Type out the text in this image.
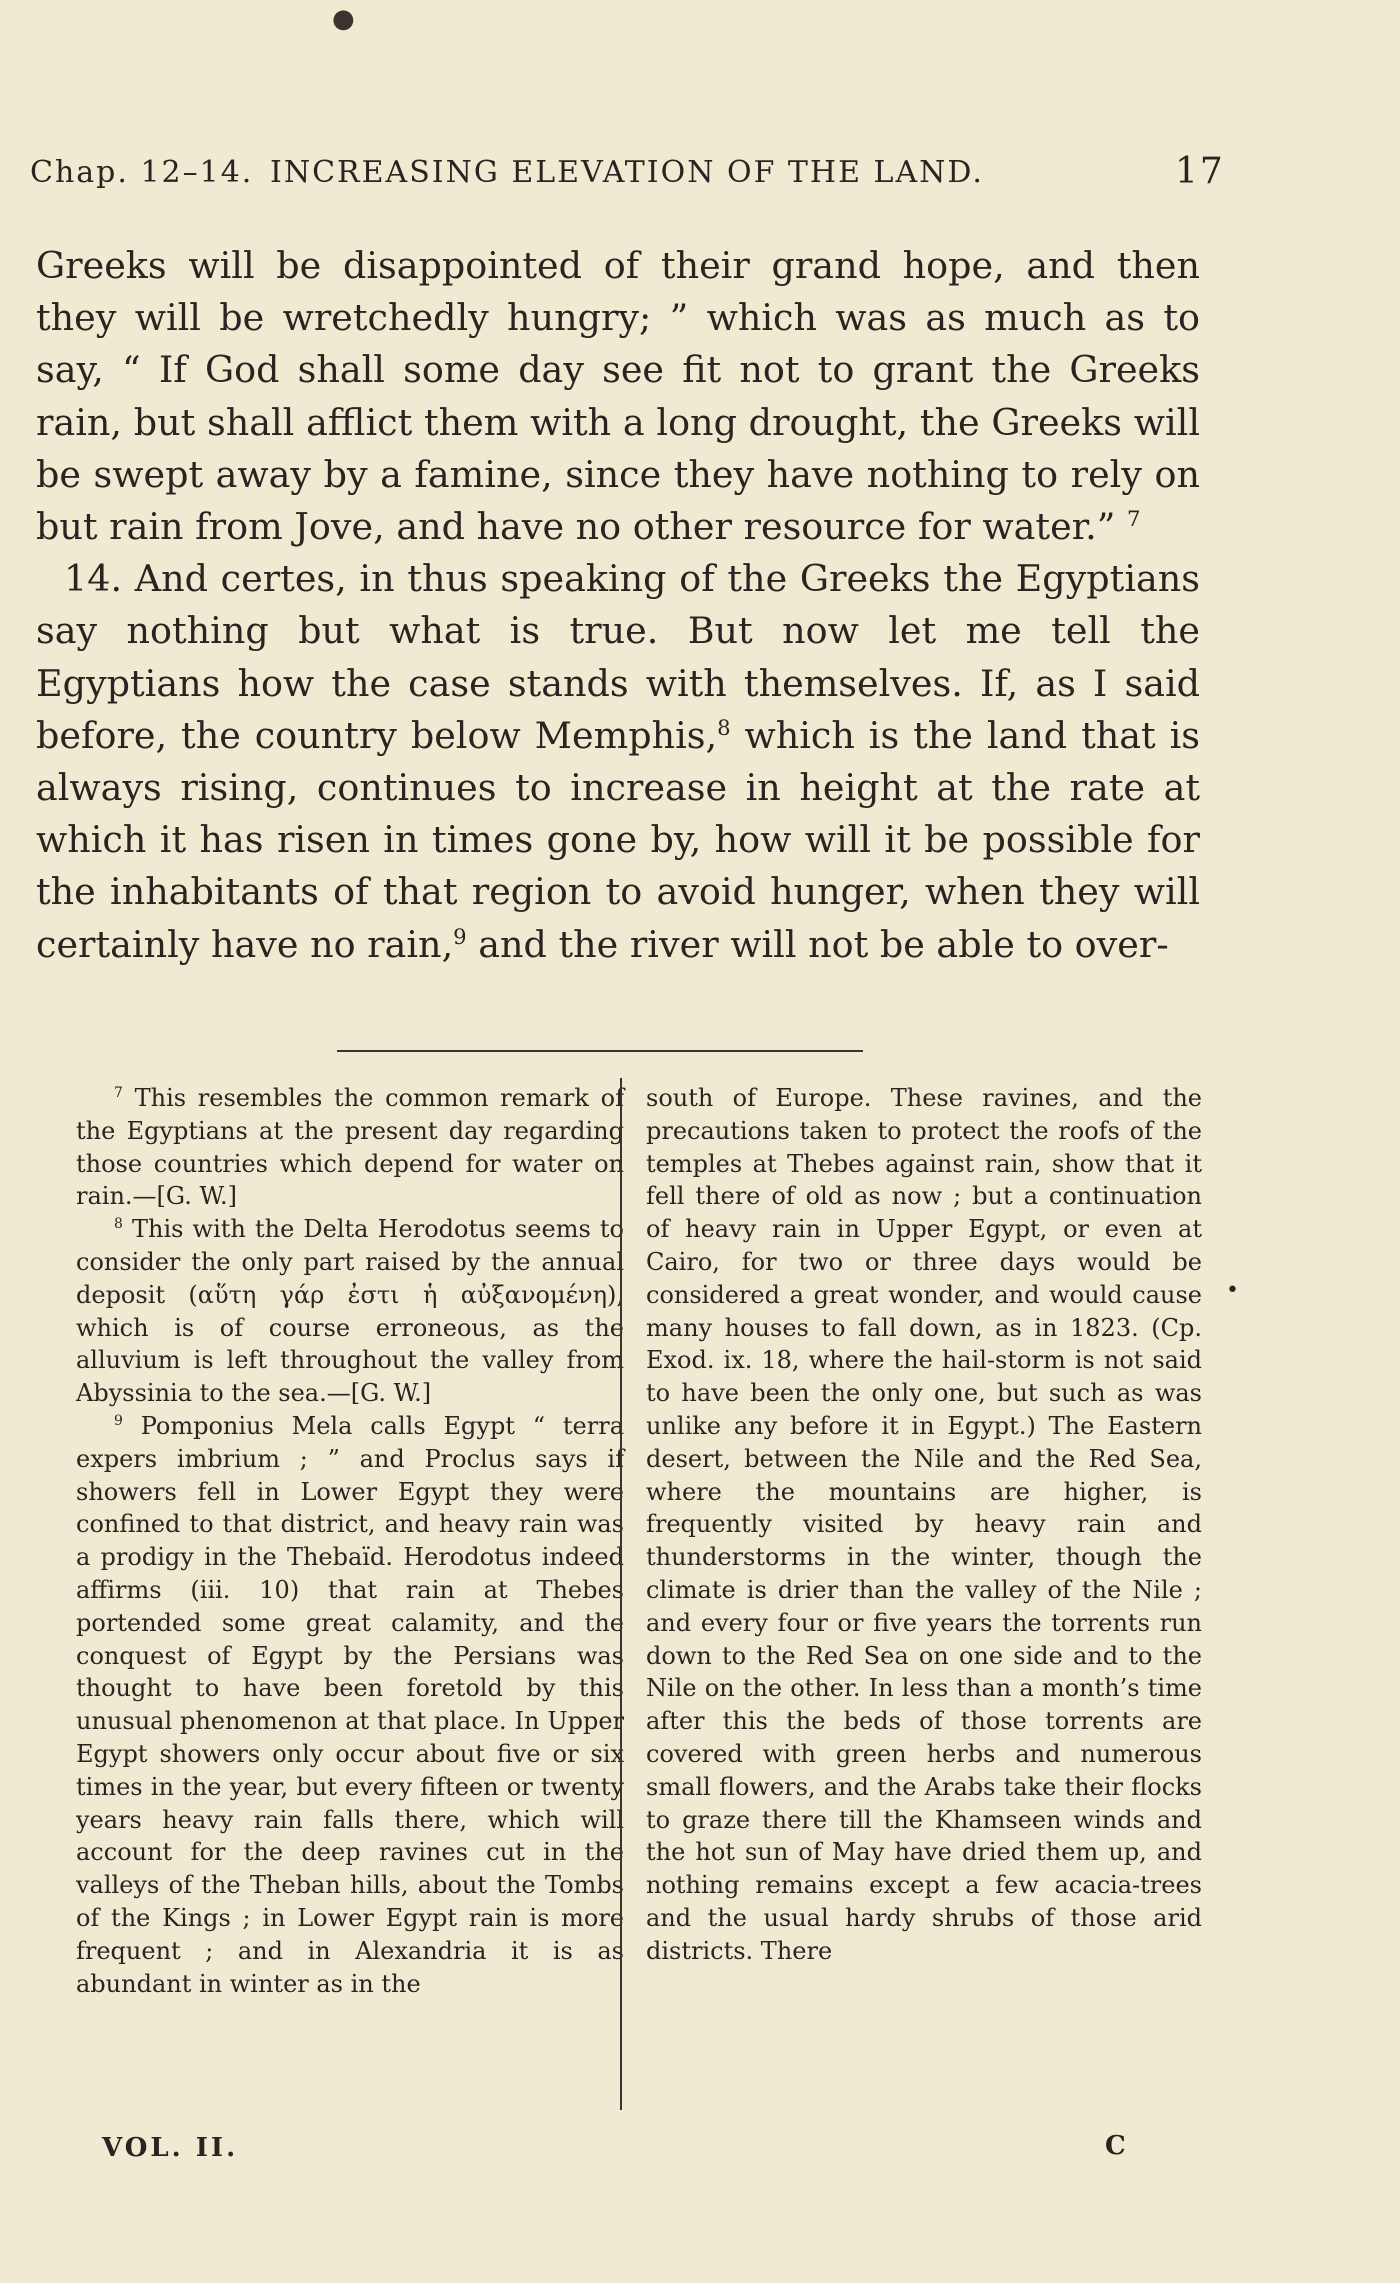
●
Chap. 12–14. INCREASING ELEVATION OF THE LAND.	17

Greeks will be disappointed of their grand hope, and then they will be wretchedly hungry; ” which was as much as to say, “ If God shall some day see fit not to grant the Greeks rain, but shall afflict them with a long drought, the Greeks will be swept away by a famine, since they have nothing to rely on but rain from Jove, and have no other resource for water.” $^7$

14. And certes, in thus speaking of the Greeks the Egyptians say nothing but what is true. But now let me tell the Egyptians how the case stands with themselves. If, as I said before, the country below Memphis,$^8$ which is the land that is always rising, continues to increase in height at the rate at which it has risen in times gone by, how will it be possible for the inhabitants of that region to avoid hunger, when they will certainly have no rain,$^9$ and the river will not be able to over-

$^7$ This resembles the common remark of the Egyptians at the present day regarding those countries which depend for water on rain.—[G. W.]

$^8$ This with the Delta Herodotus seems to consider the only part raised by the annual deposit (αὕτη γάρ ἐστι ἡ αὐξανομένη), which is of course erroneous, as the alluvium is left throughout the valley from Abyssinia to the sea.—[G. W.]

$^9$ Pomponius Mela calls Egypt “ terra expers imbrium ; ” and Proclus says if showers fell in Lower Egypt they were confined to that district, and heavy rain was a prodigy in the Thebaïd. Herodotus indeed affirms (iii. 10) that rain at Thebes portended some great calamity, and the conquest of Egypt by the Persians was thought to have been foretold by this unusual phenomenon at that place. In Upper Egypt showers only occur about five or six times in the year, but every fifteen or twenty years heavy rain falls there, which will account for the deep ravines cut in the valleys of the Theban hills, about the Tombs of the Kings ; in Lower Egypt rain is more frequent ; and in Alexandria it is as abundant in winter as in the

south of Europe. These ravines, and the precautions taken to protect the roofs of the temples at Thebes against rain, show that it fell there of old as now ; but a continuation of heavy rain in Upper Egypt, or even at Cairo, for two or three days would be considered a great wonder, and would cause many houses to fall down, as in 1823. (Cp. Exod. ix. 18, where the hail-storm is not said to have been the only one, but such as was unlike any before it in Egypt.) The Eastern desert, between the Nile and the Red Sea, where the mountains are higher, is frequently visited by heavy rain and thunderstorms in the winter, though the climate is drier than the valley of the Nile ; and every four or five years the torrents run down to the Red Sea on one side and to the Nile on the other. In less than a month’s time after this the beds of those torrents are covered with green herbs and numerous small flowers, and the Arabs take their flocks to graze there till the Khamseen winds and the hot sun of May have dried them up, and nothing remains except a few acacia-trees and the usual hardy shrubs of those arid districts. There

•
VOL. II.	C
